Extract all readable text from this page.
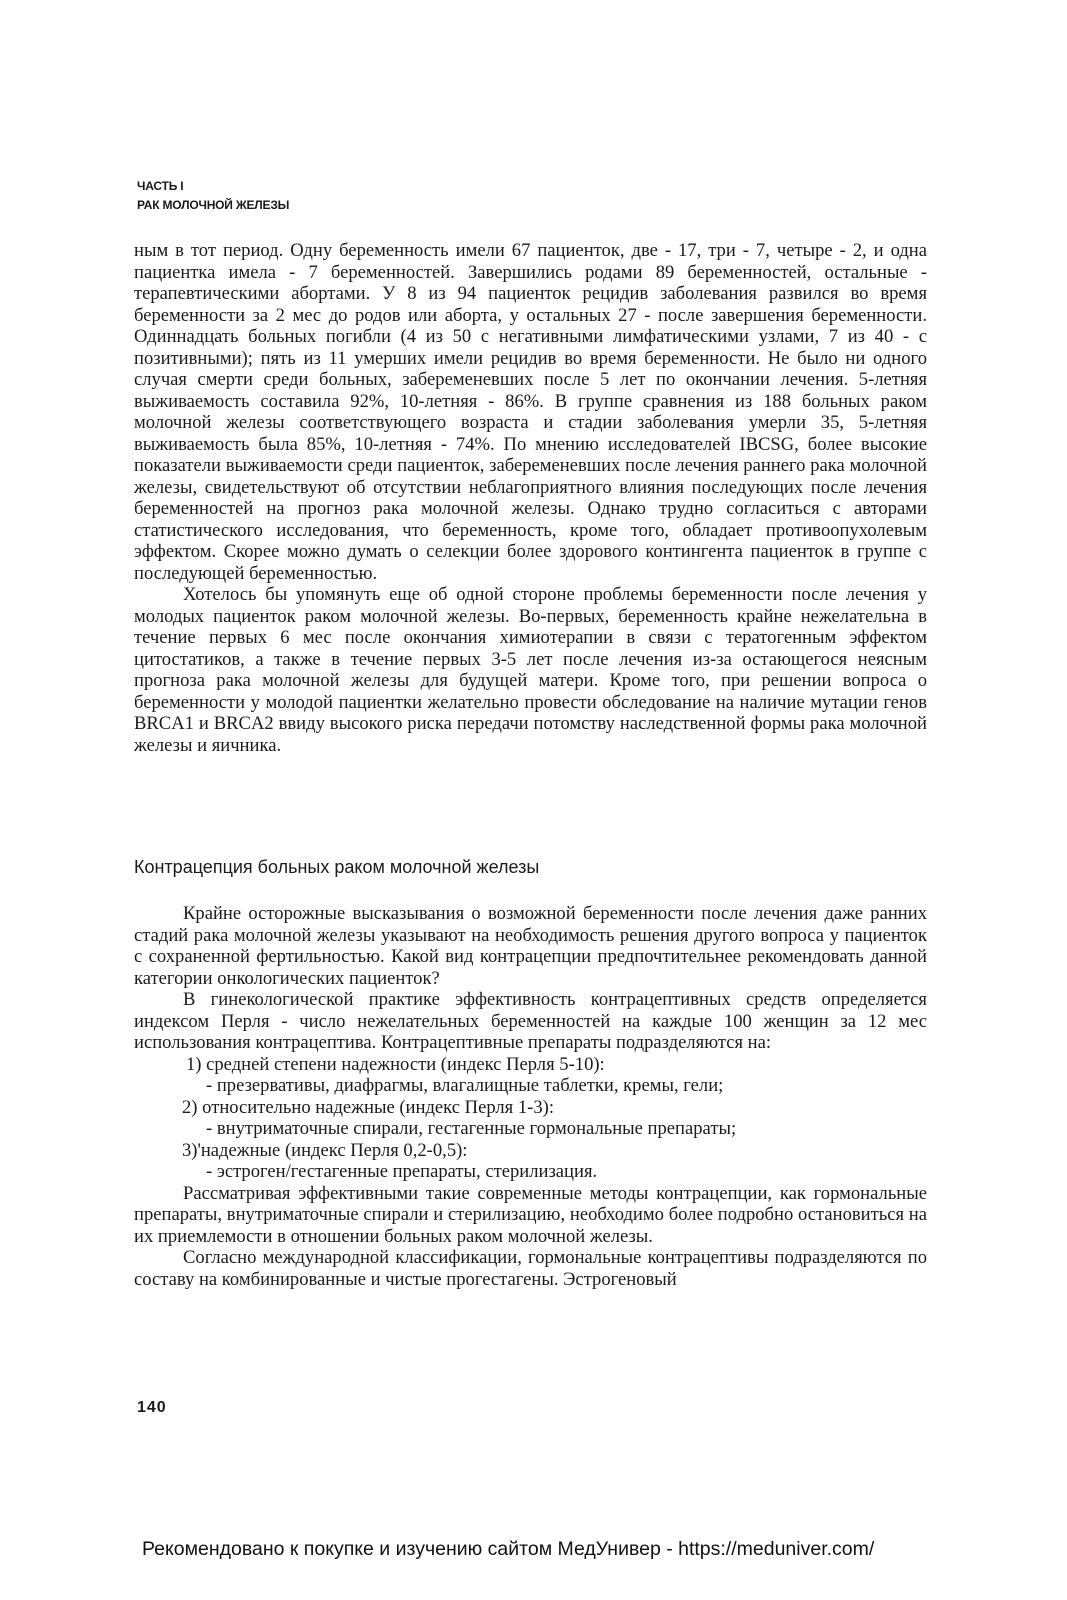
ЧАСТЬ I
РАК МОЛОЧНОЙ ЖЕЛЕЗЫ

ным в тот период. Одну беременность имели 67 пациенток, две - 17, три - 7, четыре - 2, и одна пациентка имела - 7 беременностей. Завершились родами 89 беременностей, остальные - терапевтическими абортами. У 8 из 94 пациенток рецидив заболевания развился во время беременности за 2 мес до родов или аборта, у остальных 27 - после завершения беременности. Одиннадцать больных погибли (4 из 50 с негативными лимфатическими узлами, 7 из 40 - с позитивными); пять из 11 умерших имели рецидив во время беременности. Не было ни одного случая смерти среди больных, забеременевших после 5 лет по окончании лечения. 5-летняя выживаемость составила 92%, 10-летняя - 86%. В группе сравнения из 188 больных раком молочной железы соответствующего возраста и стадии заболевания умерли 35, 5-летняя выживаемость была 85%, 10-летняя - 74%. По мнению исследователей IBCSG, более высокие показатели выживаемости среди пациенток, забеременевших после лечения раннего рака молочной железы, свидетельствуют об отсутствии неблагоприятного влияния последующих после лечения беременностей на прогноз рака молочной железы. Однако трудно согласиться с авторами статистического исследования, что беременность, кроме того, обладает противоопухолевым эффектом. Скорее можно думать о селекции более здорового контингента пациенток в группе с последующей беременностью.

Хотелось бы упомянуть еще об одной стороне проблемы беременности после лечения у молодых пациенток раком молочной железы. Во-первых, беременность крайне нежелательна в течение первых 6 мес после окончания химиотерапии в связи с тератогенным эффектом цитостатиков, а также в течение первых 3-5 лет после лечения из-за остающегося неясным прогноза рака молочной железы для будущей матери. Кроме того, при решении вопроса о беременности у молодой пациентки желательно провести обследование на наличие мутации генов BRCA1 и BRCA2 ввиду высокого риска передачи потомству наследственной формы рака молочной железы и яичника.

Контрацепция больных раком молочной железы

Крайне осторожные высказывания о возможной беременности после лечения даже ранних стадий рака молочной железы указывают на необходимость решения другого вопроса у пациенток с сохраненной фертильностью. Какой вид контрацепции предпочтительнее рекомендовать данной категории онкологических пациенток?

В гинекологической практике эффективность контрацептивных средств определяется индексом Перля - число нежелательных беременностей на каждые 100 женщин за 12 мес использования контрацептива. Контрацептивные препараты подразделяются на:

1) средней степени надежности (индекс Перля 5-10):

- презервативы, диафрагмы, влагалищные таблетки, кремы, гели;

2) относительно надежные (индекс Перля 1-3):

- внутриматочные спирали, гестагенные гормональные препараты;

3)'надежные (индекс Перля 0,2-0,5):

- эстроген/гестагенные препараты, стерилизация.

Рассматривая эффективными такие современные методы контрацепции, как гормональные препараты, внутриматочные спирали и стерилизацию, необходимо более подробно остановиться на их приемлемости в отношении больных раком молочной железы.

Согласно международной классификации, гормональные контрацептивы подразделяются по составу на комбинированные и чистые прогестагены. Эстрогеновый

140
Рекомендовано к покупке и изучению сайтом МедУнивер - https://meduniver.com/
